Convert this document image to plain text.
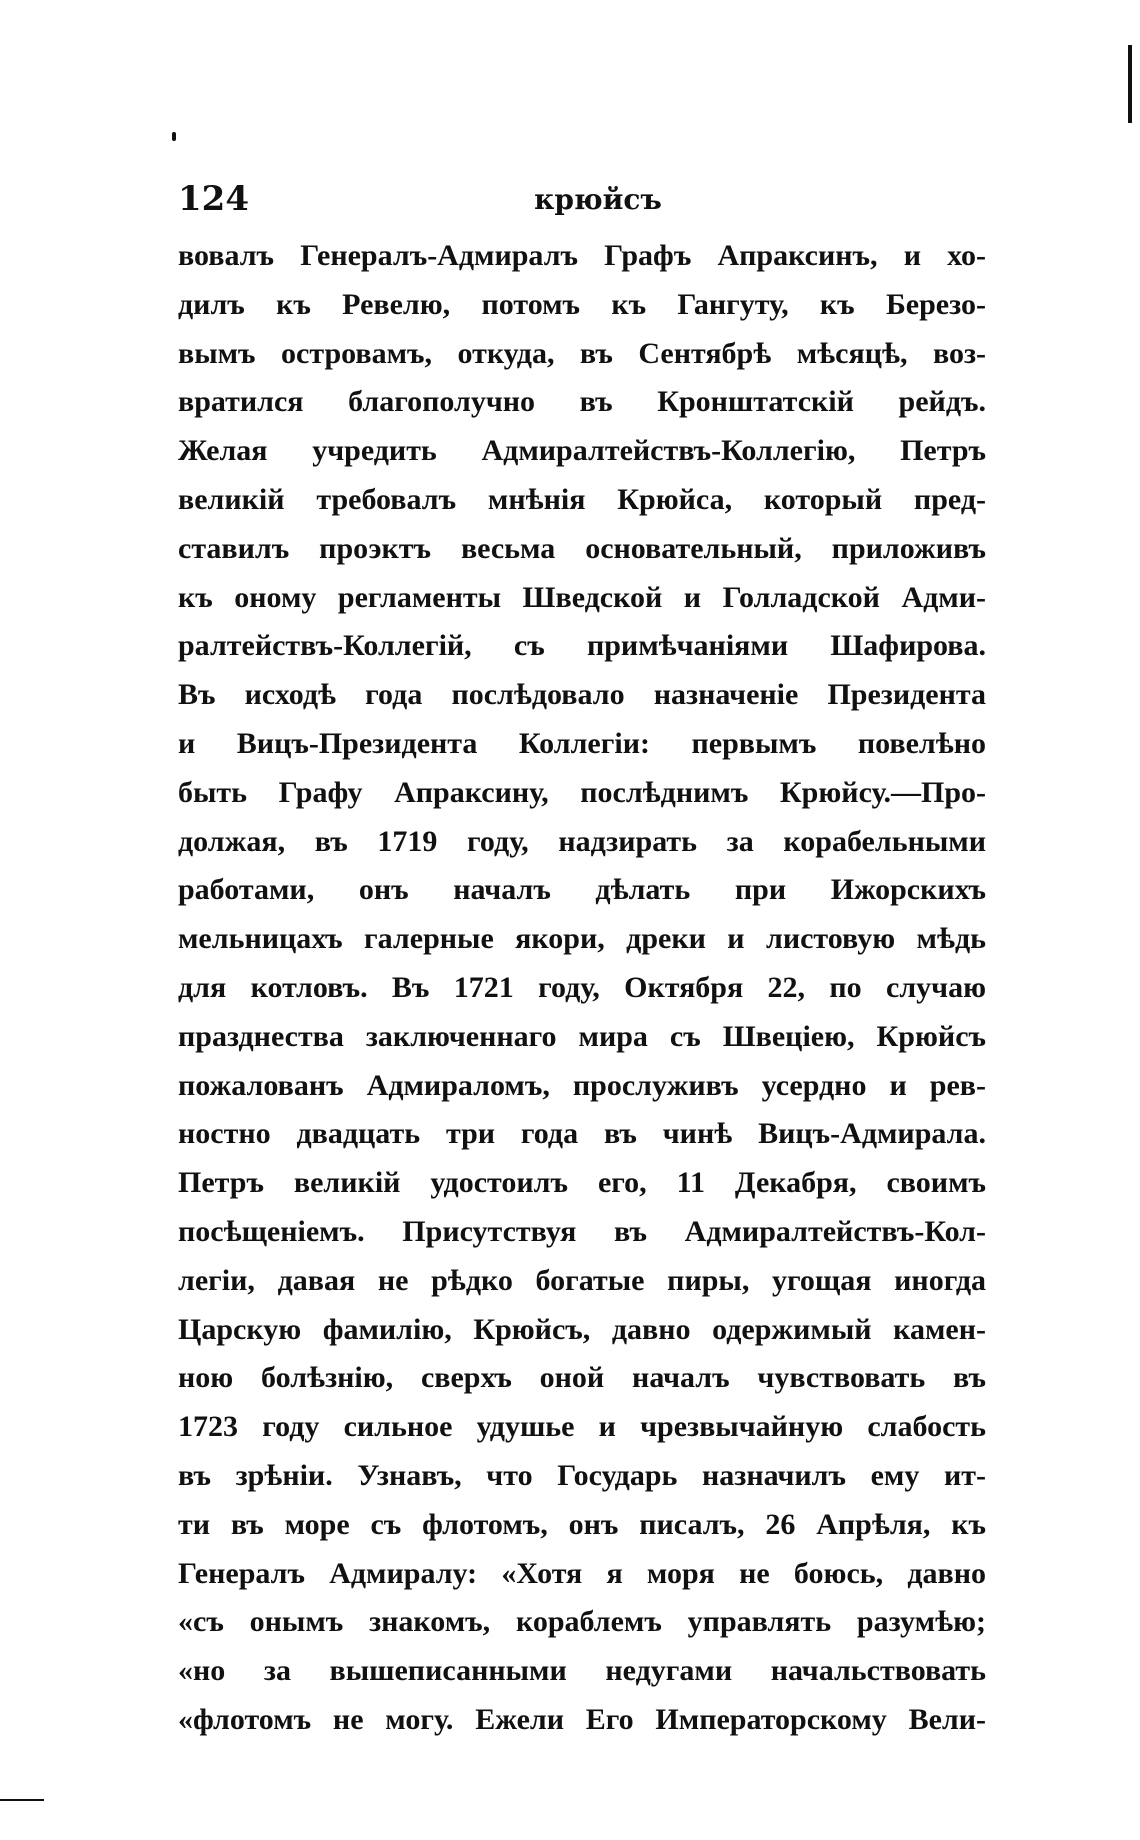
124	крюйсъ
вовалъ Генералъ-Адмиралъ Графъ Апраксинъ, и хо-
дилъ къ Ревелю, потомъ къ Гангуту, къ Березо-
вымъ островамъ, откуда, въ Сентябрѣ мѣсяцѣ, воз-
вратился благополучно въ Кронштатскій рейдъ.
Желая учредить Адмиралтействъ-Коллегію, Петръ
великій требовалъ мнѣнія Крюйса, который пред-
ставилъ проэктъ весьма основательный, приложивъ
къ оному регламенты Шведской и Голладской Адми-
ралтействъ-Коллегій, съ примѣчаніями Шафирова.
Въ исходѣ года послѣдовало назначеніе Президента
и Вицъ-Президента Коллегіи: первымъ повелѣно
быть Графу Апраксину, послѣднимъ Крюйсу.—Про-
должая, въ 1719 году, надзирать за корабельными
работами, онъ началъ дѣлать при Ижорскихъ
мельницахъ галерные якори, дреки и листовую мѣдь
для котловъ. Въ 1721 году, Октября 22, по случаю
празднества заключеннаго мира съ Швеціею, Крюйсъ
пожалованъ Адмираломъ, прослуживъ усердно и рев-
ностно двадцать три года въ чинѣ Вицъ-Адмирала.
Петръ великій удостоилъ его, 11 Декабря, своимъ
посѣщеніемъ. Присутствуя въ Адмиралтействъ-Кол-
легіи, давая не рѣдко богатые пиры, угощая иногда
Царскую фамилію, Крюйсъ, давно одержимый камен-
ною болѣзнію, сверхъ оной началъ чувствовать въ
1723 году сильное удушье и чрезвычайную слабость
въ зрѣніи. Узнавъ, что Государь назначилъ ему ит-
ти въ море съ флотомъ, онъ писалъ, 26 Апрѣля, къ
Генералъ Адмиралу: «Хотя я моря не боюсь, давно
«съ онымъ знакомъ, кораблемъ управлять разумѣю;
«но за вышеписанными недугами начальствовать
«флотомъ не могу. Ежели Его Императорскому Вели-
